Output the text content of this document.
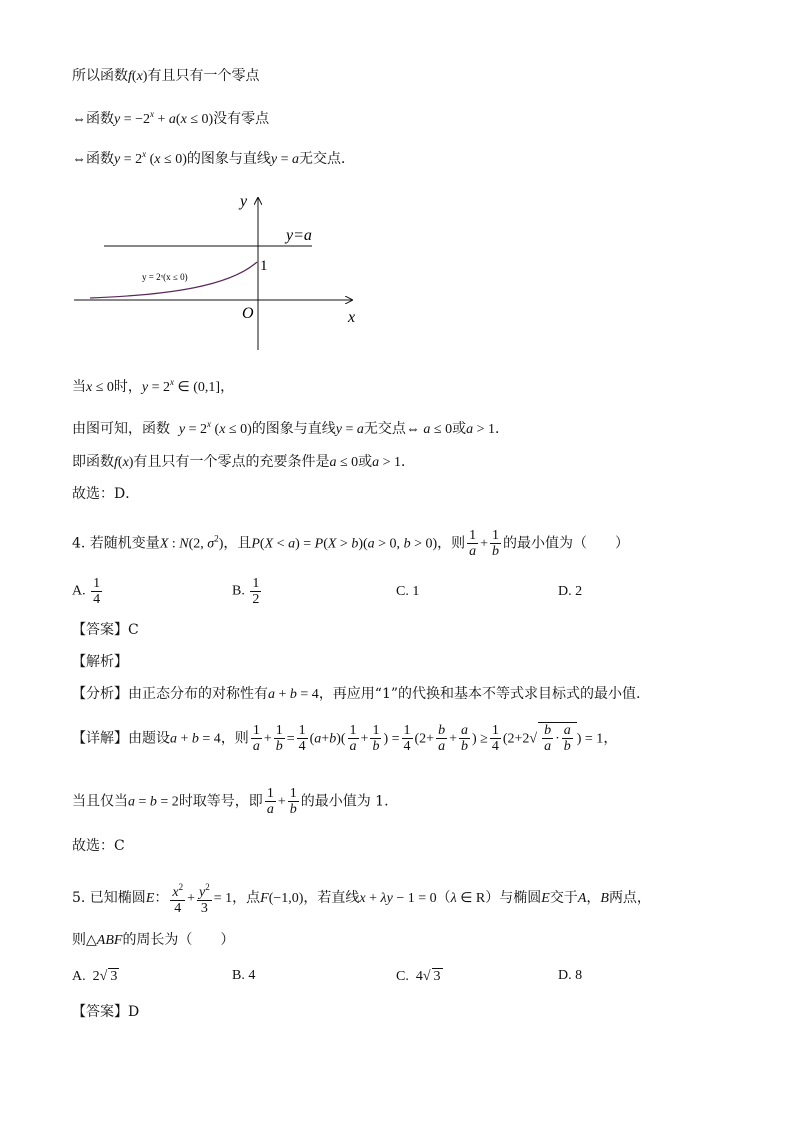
所以函数f(x)有且只有一个零点
⇔函数$y = -2^x + a(x \le 0)$没有零点
⇔函数$y = 2^x$ (x ≤ 0)的图象与直线y = a无交点．
y
x
O
1
y=a
y = 2ˣ(x ≤ 0)
当x ≤ 0时，$y = 2^x$ ∈ (0,1]，
由图可知，函数 $y = 2^x$ (x ≤ 0)的图象与直线y = a无交点⇔ a ≤ 0或a > 1．
即函数f(x)有且只有一个零点的充要条件是a ≤ 0或a > 1．
故选：D．
4. 若随机变量X : N(2, $\sigma^2$)，且P(X < a) = P(X > b)(a > 0, b > 0)，则 $\frac{1}{a} + \frac{1}{b}$ 的最小值为（　　）
A. $\frac{1}{4}$	B. $\frac{1}{2}$	C. 1	D. 2
【答案】C
【解析】
【分析】由正态分布的对称性有a + b = 4，再应用“1”的代换和基本不等式求目标式的最小值.
【详解】由题设a + b = 4，则 $\frac{1}{a} + \frac{1}{b} = \frac{1}{4} (a+b)( \frac{1}{a} + \frac{1}{b}$ ) = $\frac{1}{4} (2+ \frac{b}{a} + \frac{a}{b}$ ) ≥ $\frac{1}{4} (2+2√ \frac{b}{a} \cdot \frac{a}{b}$ ) = 1，
当且仅当a = b = 2时取等号，即 $\frac{1}{a} + \frac{1}{b}$ 的最小值为 1.
故选：C
5. 已知椭圆E： $\frac{x^2}{4} + \frac{y^2}{3} = 1$，点F(−1,0)，若直线x + λy − 1 = 0（λ ∈ R）与椭圆E交于A，B两点，
则△ABF的周长为（　　）
A.  2√ 3	B. 4	C.  4√ 3	D. 8
【答案】D
